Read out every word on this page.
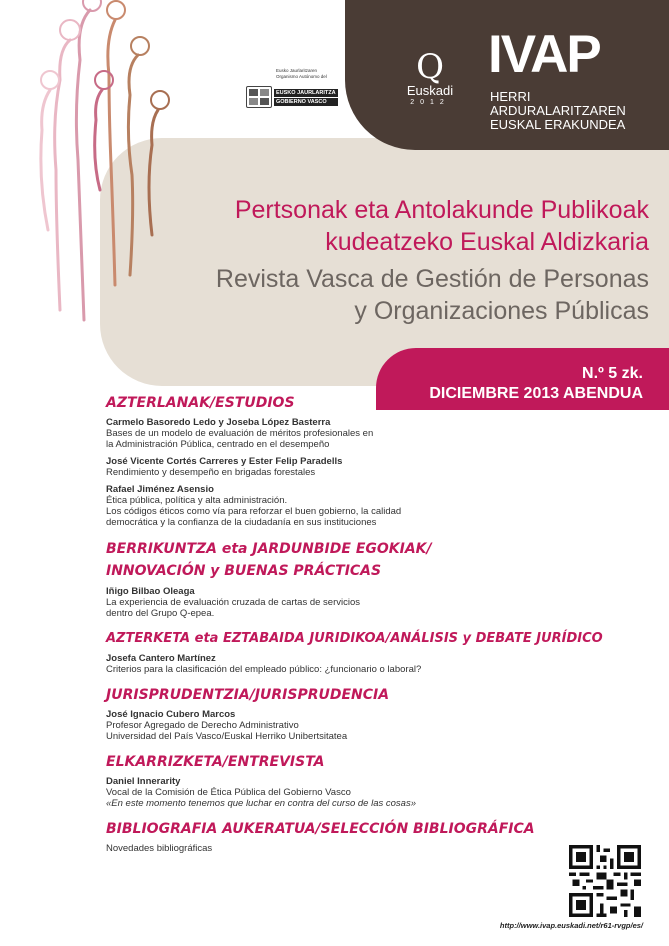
Eusko Jaurlaritzaren
Organismo Autónomo del
EUSKO JAURLARITZA
GOBIERNO VASCO
Q
Euskadi
2012
IVAP
HERRI ARDURALARITZAREN
EUSKAL ERAKUNDEA
Pertsonak eta Antolakunde Publikoak
kudeatzeko Euskal Aldizkaria
Revista Vasca de Gestión de Personas
y Organizaciones Públicas
N.º 5 zk.
DICIEMBRE 2013 ABENDUA
AZTERLANAK/ESTUDIOS
Carmelo Basoredo Ledo y Joseba López Basterra
Bases de un modelo de evaluación de méritos profesionales en
la Administración Pública, centrado en el desempeño
José Vicente Cortés Carreres y Ester Felip Paradells
Rendimiento y desempeño en brigadas forestales
Rafael Jiménez Asensio
Ética pública, política y alta administración.
Los códigos éticos como vía para reforzar el buen gobierno, la calidad
democrática y la confianza de la ciudadanía en sus instituciones
BERRIKUNTZA eta JARDUNBIDE EGOKIAK/
INNOVACIÓN y BUENAS PRÁCTICAS
Iñigo Bilbao Oleaga
La experiencia de evaluación cruzada de cartas de servicios
dentro del Grupo Q-epea.
AZTERKETA eta EZTABAIDA JURIDIKOA/ANÁLISIS y DEBATE JURÍDICO
Josefa Cantero Martínez
Criterios para la clasificación del empleado público: ¿funcionario o laboral?
JURISPRUDENTZIA/JURISPRUDENCIA
José Ignacio Cubero Marcos
Profesor Agregado de Derecho Administrativo
Universidad del País Vasco/Euskal Herriko Unibertsitatea
ELKARRIZKETA/ENTREVISTA
Daniel Innerarity
Vocal de la Comisión de Ética Pública del Gobierno Vasco
«En este momento tenemos que luchar en contra del curso de las cosas»
BIBLIOGRAFIA AUKERATUA/SELECCIÓN BIBLIOGRÁFICA
Novedades bibliográficas
http://www.ivap.euskadi.net/r61-rvgp/es/
